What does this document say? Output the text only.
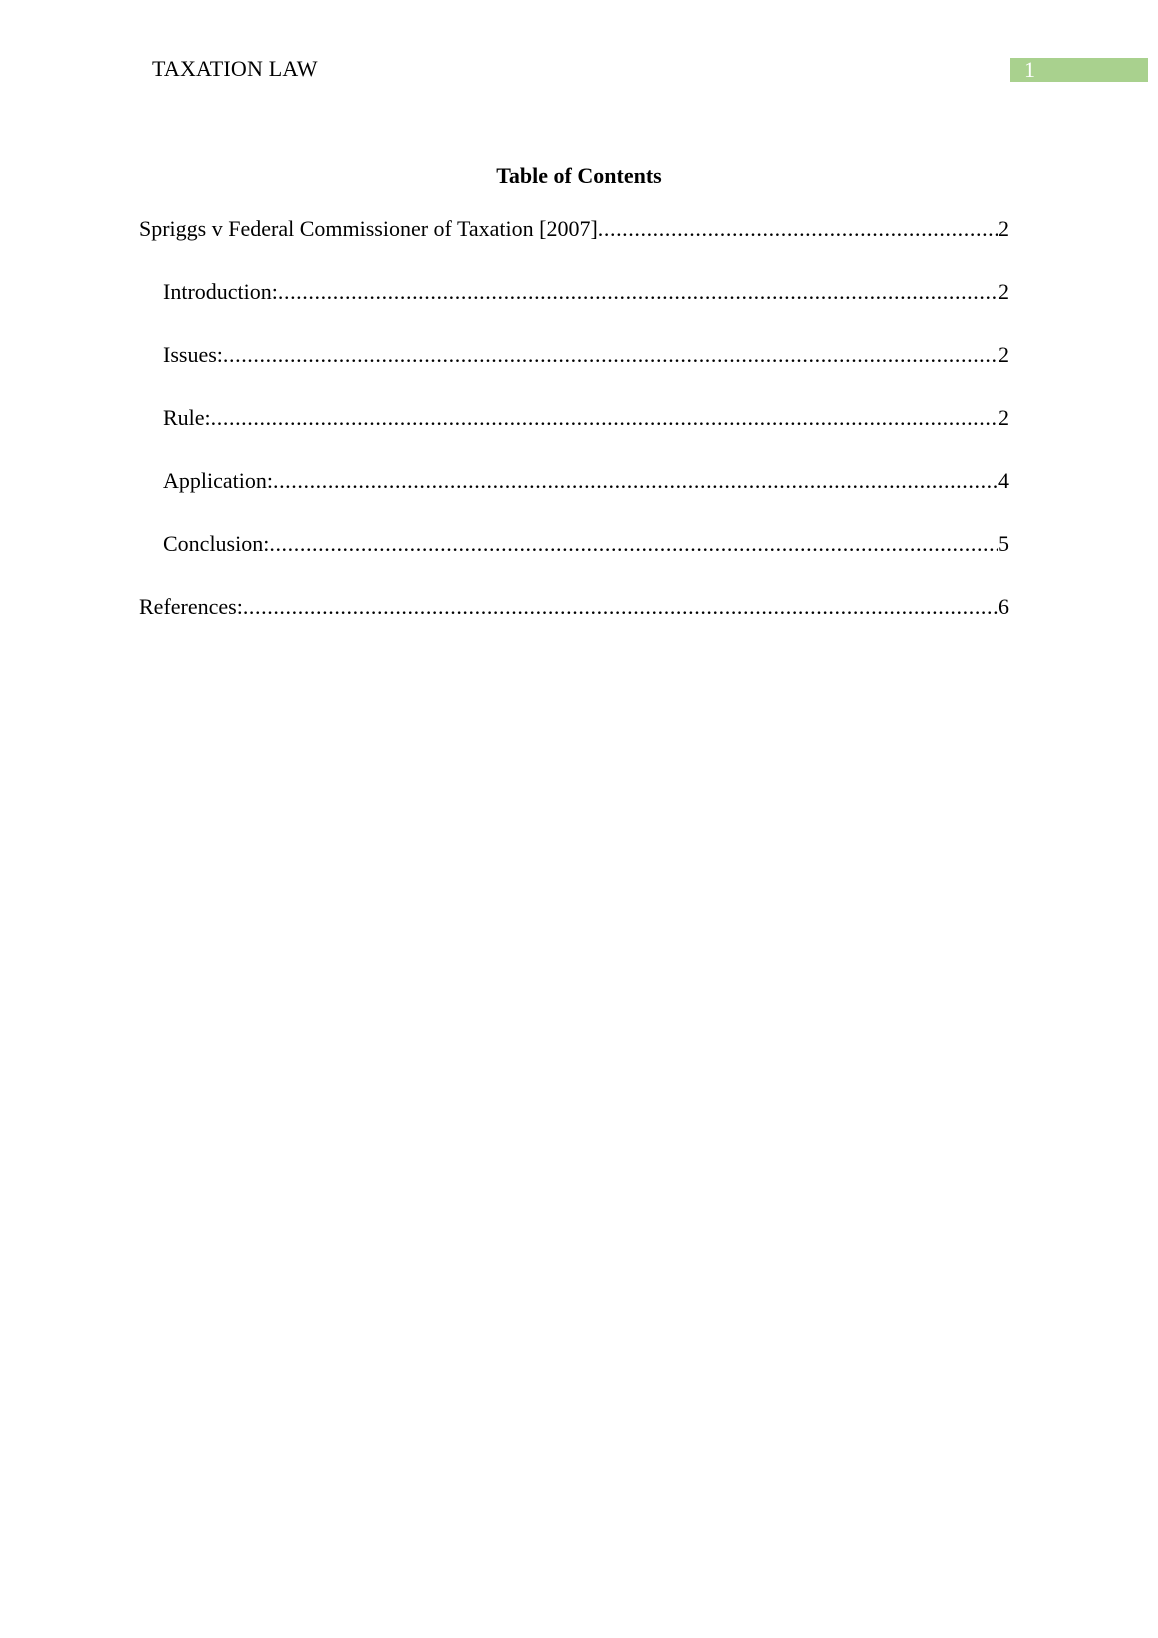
TAXATION LAW	1
Table of Contents
Spriggs v Federal Commissioner of Taxation [2007] .....	2
Introduction: .....	2
Issues: .....	2
Rule: .....	2
Application: .....	4
Conclusion: .....	5
References: .....	6
